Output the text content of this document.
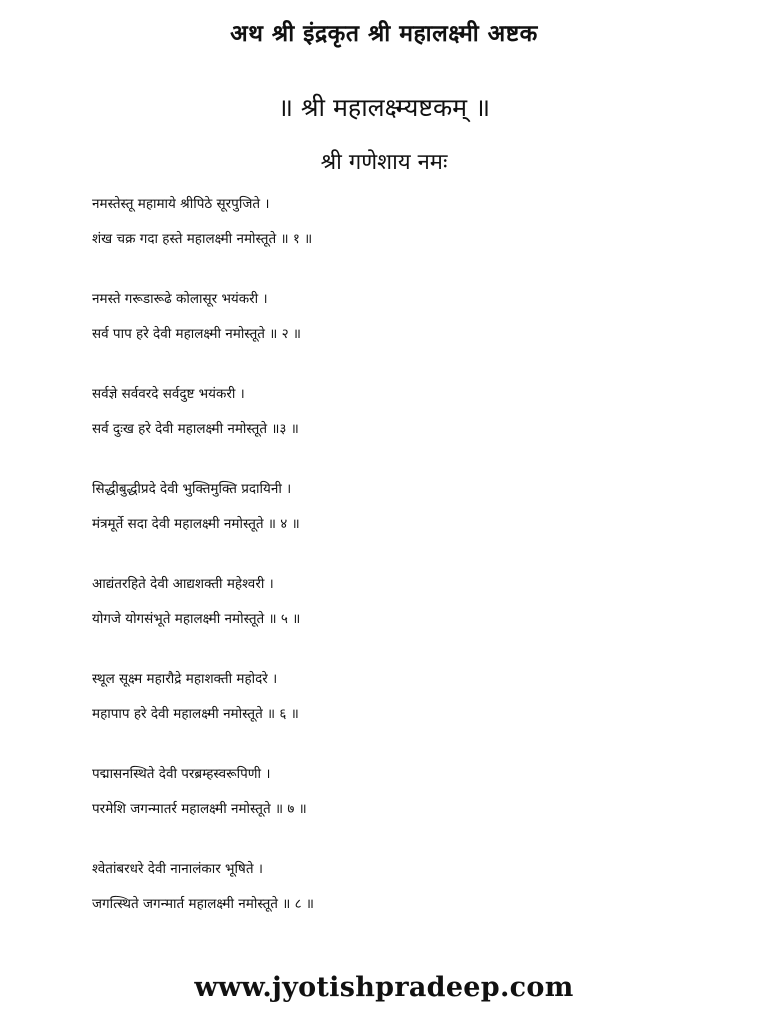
अथ श्री इंद्रकृत श्री महालक्ष्मी अष्टक
॥ श्री महालक्ष्म्यष्टकम् ॥
श्री गणेशाय नमः
नमस्तेस्तू महामाये श्रीपिठे सूरपुजिते ।
शंख चक्र गदा हस्ते महालक्ष्मी नमोस्तूते ॥ १ ॥
नमस्ते गरूडारूढे कोलासूर भयंकरी ।
सर्व पाप हरे देवी महालक्ष्मी नमोस्तूते ॥ २ ॥
सर्वज्ञे सर्ववरदे सर्वदुष्ट भयंकरी ।
सर्व दुःख हरे देवी महालक्ष्मी नमोस्तूते ॥३ ॥
सिद्धीबुद्धीप्रदे देवी भुक्तिमुक्ति प्रदायिनी ।
मंत्रमूर्ते सदा देवी महालक्ष्मी नमोस्तूते ॥ ४ ॥
आद्यंतरहिते देवी आद्यशक्ती महेश्वरी ।
योगजे योगसंभूते महालक्ष्मी नमोस्तूते ॥ ५ ॥
स्थूल सूक्ष्म महारौद्रे महाशक्ती महोदरे ।
महापाप हरे देवी महालक्ष्मी नमोस्तूते ॥ ६ ॥
पद्मासनस्थिते देवी परब्रम्हस्वरूपिणी ।
परमेशि जगन्मातर्र महालक्ष्मी नमोस्तूते ॥ ७ ॥
श्वेतांबरधरे देवी नानालंकार भूषिते ।
जगत्स्थिते जगन्मार्त महालक्ष्मी नमोस्तूते ॥ ८ ॥
www.jyotishpradeep.com
